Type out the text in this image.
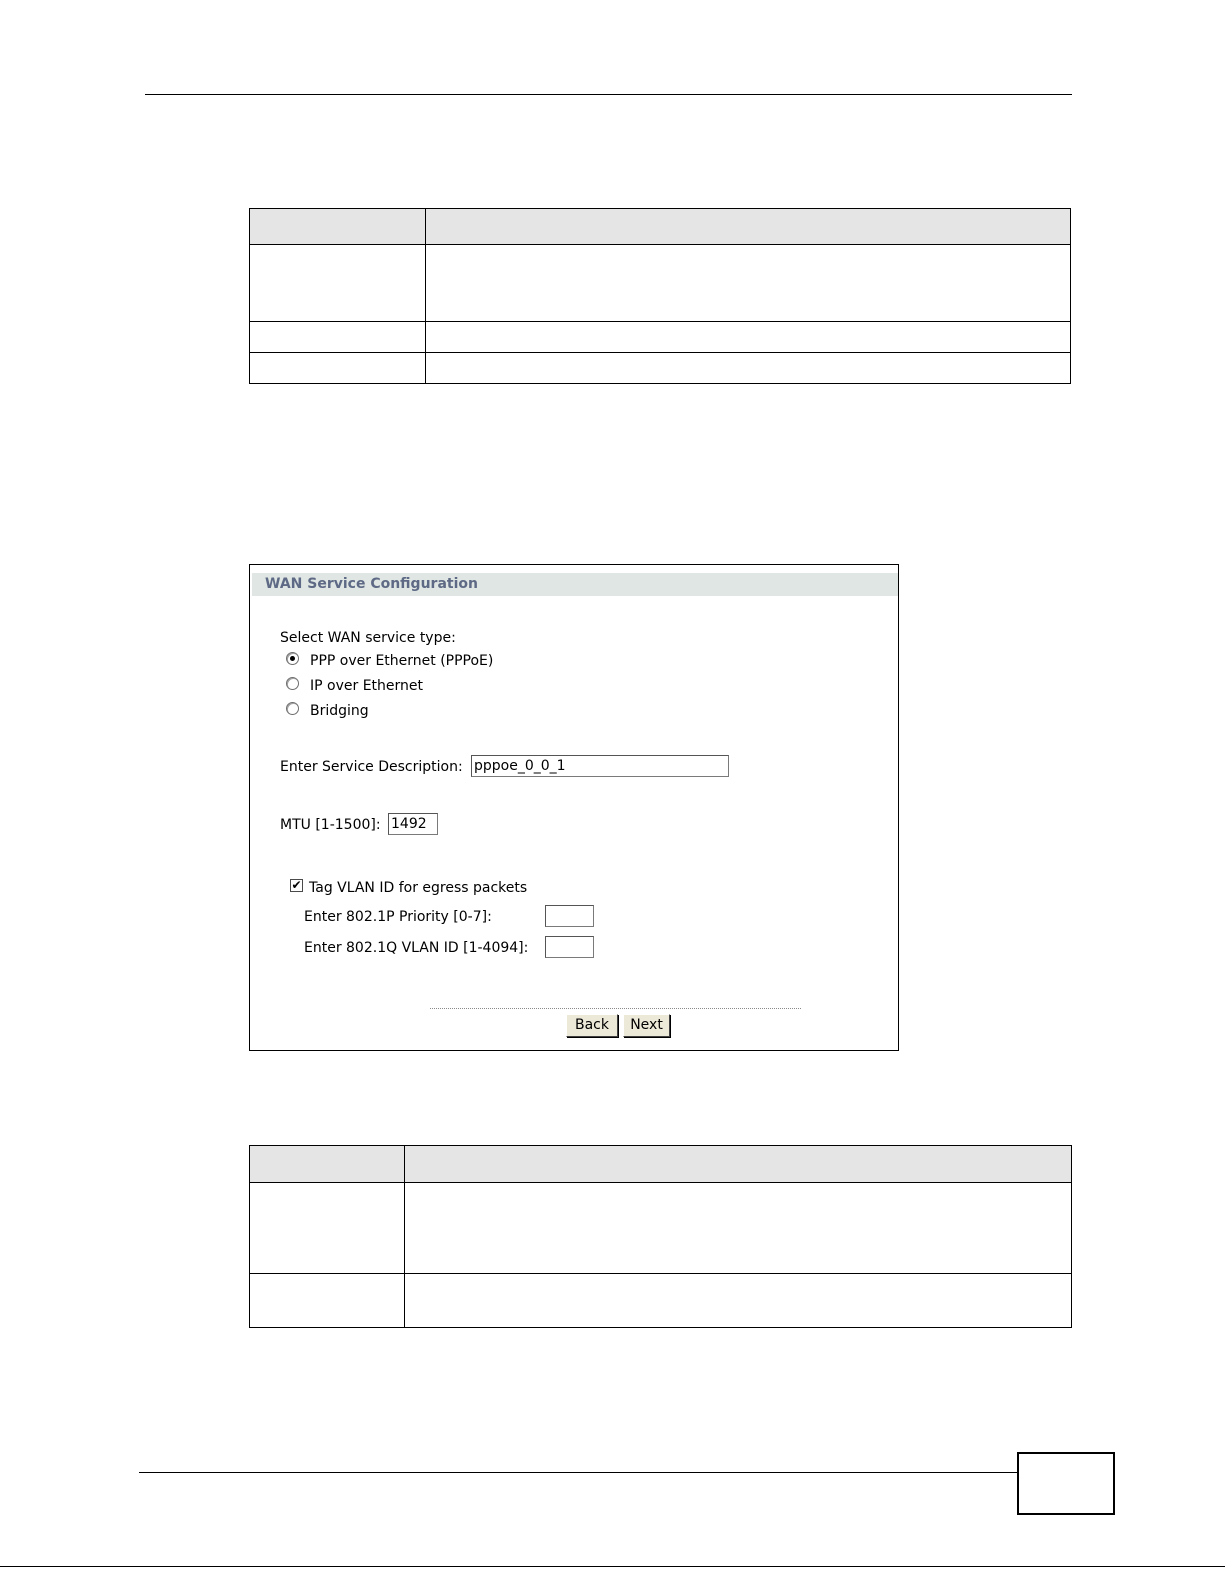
WAN Service Configuration
Select WAN service type:
PPP over Ethernet (PPPoE)
IP over Ethernet
Bridging
Enter Service Description: pppoe_0_0_1
MTU [1-1500]: 1492
✔ Tag VLAN ID for egress packets
Enter 802.1P Priority [0-7]:
Enter 802.1Q VLAN ID [1-4094]:
Back	Next
